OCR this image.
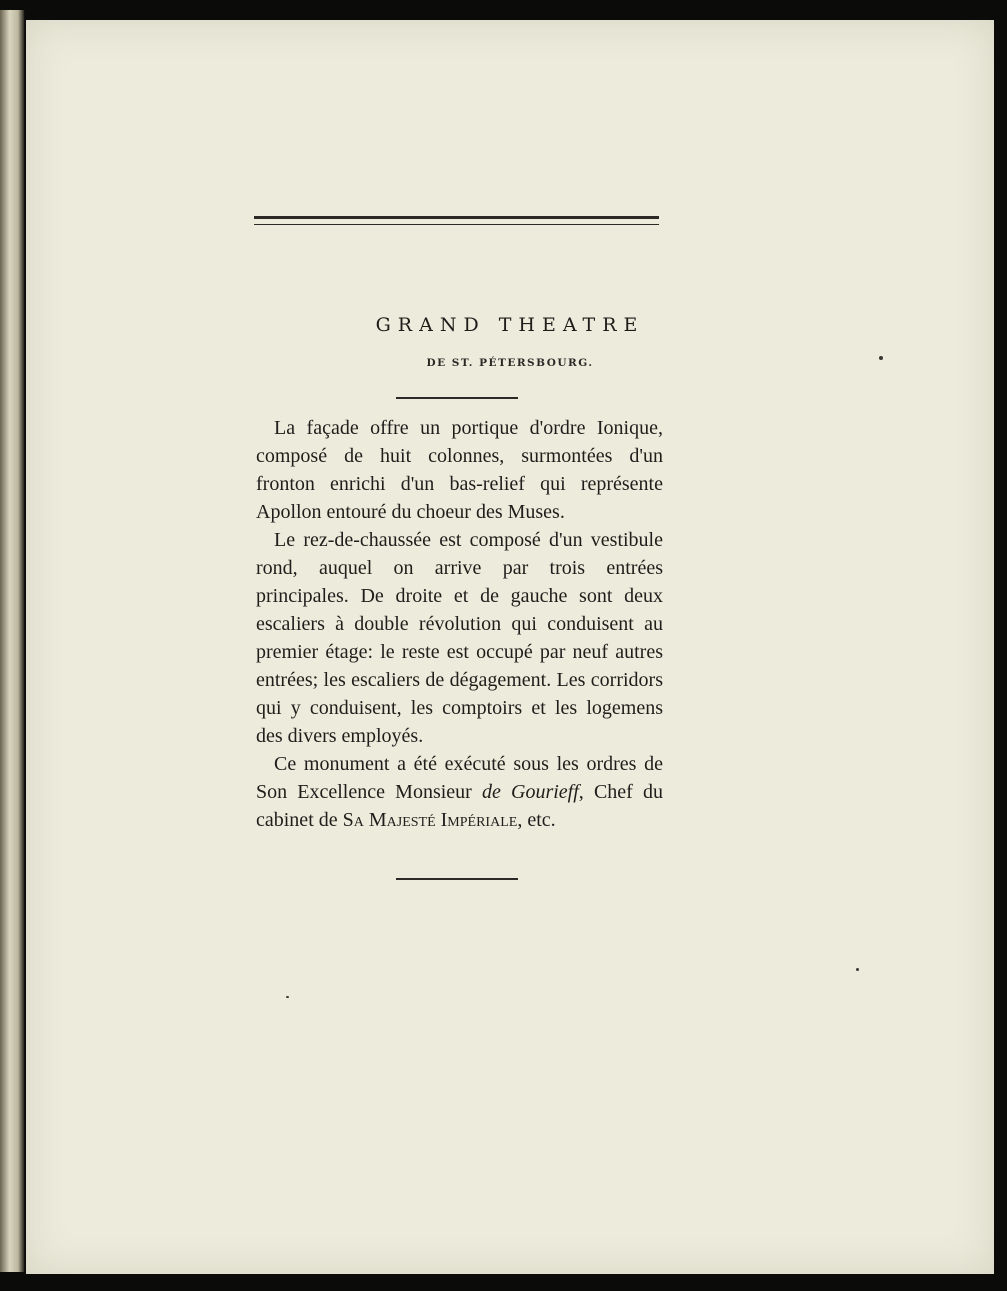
GRAND THEATRE
DE ST. PÉTERSBOURG.

La façade offre un portique d'ordre Ionique, composé de huit colonnes, surmontées d'un fronton enrichi d'un bas-relief qui représente Apollon entouré du choeur des Muses.

Le rez-de-chaussée est composé d'un vestibule rond, auquel on arrive par trois entrées principales. De droite et de gauche sont deux escaliers à double révolution qui conduisent au premier étage: le reste est occupé par neuf autres entrées; les escaliers de dégagement. Les corridors qui y conduisent, les comptoirs et les logemens des divers employés.

Ce monument a été exécuté sous les ordres de Son Excellence Monsieur de Gourieff, Chef du cabinet de Sa Majesté Impériale, etc.
